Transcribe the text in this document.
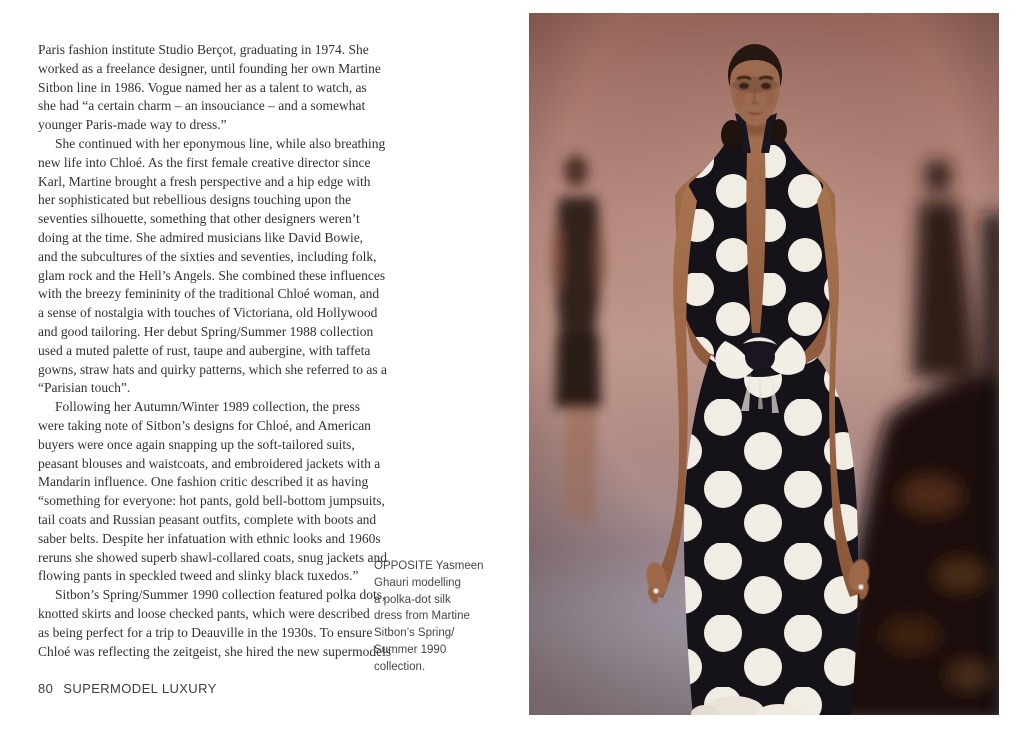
Paris fashion institute Studio Berçot, graduating in 1974. She
worked as a freelance designer, until founding her own Martine
Sitbon line in 1986. Vogue named her as a talent to watch, as
she had “a certain charm – an insouciance – and a somewhat
younger Paris-made way to dress.”
She continued with her eponymous line, while also breathing
new life into Chloé. As the first female creative director since
Karl, Martine brought a fresh perspective and a hip edge with
her sophisticated but rebellious designs touching upon the
seventies silhouette, something that other designers weren’t
doing at the time. She admired musicians like David Bowie,
and the subcultures of the sixties and seventies, including folk,
glam rock and the Hell’s Angels. She combined these influences
with the breezy femininity of the traditional Chloé woman, and
a sense of nostalgia with touches of Victoriana, old Hollywood
and good tailoring. Her debut Spring/Summer 1988 collection
used a muted palette of rust, taupe and aubergine, with taffeta
gowns, straw hats and quirky patterns, which she referred to as a
“Parisian touch”.
Following her Autumn/Winter 1989 collection, the press
were taking note of Sitbon’s designs for Chloé, and American
buyers were once again snapping up the soft-tailored suits,
peasant blouses and waistcoats, and embroidered jackets with a
Mandarin influence. One fashion critic described it as having
“something for everyone: hot pants, gold bell-bottom jumpsuits,
tail coats and Russian peasant outfits, complete with boots and
saber belts. Despite her infatuation with ethnic looks and 1960s
reruns she showed superb shawl-collared coats, snug jackets and
flowing pants in speckled tweed and slinky black tuxedos.”
Sitbon’s Spring/Summer 1990 collection featured polka dots,
knotted skirts and loose checked pants, which were described
as being perfect for a trip to Deauville in the 1930s. To ensure
Chloé was reflecting the zeitgeist, she hired the new supermodels
OPPOSITE Yasmeen
Ghauri modelling
a polka-dot silk
dress from Martine
Sitbon’s Spring/
Summer 1990
collection.
80 SUPERMODEL LUXURY
